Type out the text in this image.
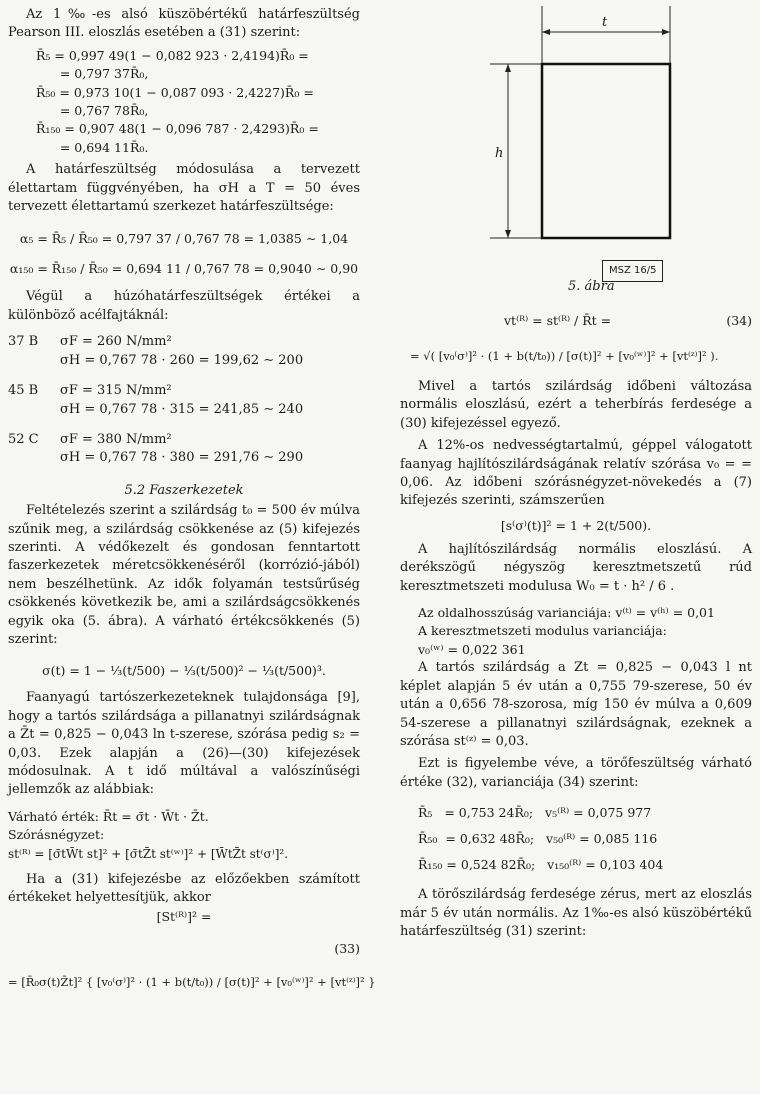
Az 1‰-es alsó küszöbértékű határfeszültség Pearson III. eloszlás esetében a (31) szerint:

R̄₅ = 0,997 49(1 − 0,082 923 · 2,4194)R̄₀ =
= 0,797 37R̄₀,
R̄₅₀ = 0,973 10(1 − 0,087 093 · 2,4227)R̄₀ =
= 0,767 78R̄₀,
R̄₁₅₀ = 0,907 48(1 − 0,096 787 · 2,4293)R̄₀ =
= 0,694 11R̄₀.

A határfeszültség módosulása a tervezett élettartam függvényében, ha σH a T = 50 éves tervezett élettartamú szerkezet határfeszültsége:

α₅ = R̄₅ / R̄₅₀ = 0,797 37 / 0,767 78 = 1,0385 ∼ 1,04
α₁₅₀ = R̄₁₅₀ / R̄₅₀ = 0,694 11 / 0,767 78 = 0,9040 ∼ 0,90

Végül a húzóhatárfeszültségek értékei a különböző acélfajtáknál:

37 B	σF = 260 N/mm²
σH = 0,767 78 · 260 = 199,62 ∼ 200
45 B	σF = 315 N/mm²
σH = 0,767 78 · 315 = 241,85 ∼ 240
52 C	σF = 380 N/mm²
σH = 0,767 78 · 380 = 291,76 ∼ 290
5.2 Faszerkezetek

Feltételezés szerint a szilárdság t₀ = 500 év múlva szűnik meg, a szilárdság csökkenése az (5) kifejezés szerinti. A védőkezelt és gondosan fenntartott faszerkezetek méretcsökkenéséről (korrózió-jából) nem beszélhetünk. Az idők folyamán testsűrűség csökkenés következik be, ami a szilárdságcsökkenés egyik oka (5. ábra). A várható értékcsökkenés (5) szerint:

σ(t) = 1 − ⅓(t/500) − ⅓(t/500)² − ⅓(t/500)³.

Faanyagú tartószerkezeteknek tulajdonsága [9], hogy a tartós szilárdsága a pillanatnyi szilárdságnak a Z̄t = 0,825 − 0,043 ln t-szerese, szórása pedig s₂ = 0,03. Ezek alapján a (26)—(30) kifejezések módosulnak. A t idő múltával a valószínűségi jellemzők az alábbiak:

Várható érték: R̄t = σ̄t · W̄t · Z̄t.
Szórásnégyzet:
st⁽ᴿ⁾ = [σ̄tW̄t st]² + [σ̄tZ̄t st⁽ʷ⁾]² + [W̄tZ̄t st⁽σ⁾]².

Ha a (31) kifejezésbe az előzőekben számított értékeket helyettesítjük, akkor

[St⁽ᴿ⁾]² =
(33)
= [R̄₀σ(t)Z̄t]² { [v₀⁽σ⁾]² · (1 + b(t/t₀)) / [σ(t)]² + [v₀⁽ʷ⁾]² + [vt⁽ᶻ⁾]² }
t
h
MSZ 16/5
5. ábra
vt⁽ᴿ⁾ = st⁽ᴿ⁾ / R̄t =	(34)
= √( [v₀⁽σ⁾]² · (1 + b(t/t₀)) / [σ(t)]² + [v₀⁽ʷ⁾]² + [vt⁽ᶻ⁾]² ).

Mivel a tartós szilárdság időbeni változása normális eloszlású, ezért a teherbírás ferdesége a (30) kifejezéssel egyező.

A 12%-os nedvességtartalmú, géppel válogatott faanyag hajlítószilárdságának relatív szórása v₀ = = 0,06. Az időbeni szórásnégyzet-növekedés a (7) kifejezés szerinti, számszerűen

[s⁽σ⁾(t)]² = 1 + 2(t/500).

A hajlítószilárdság normális eloszlású. A derékszögű négyszög keresztmetszetű rúd keresztmetszeti modulusa W₀ = t · h² / 6 .

Az oldalhosszúság varianciája: v⁽ᵗ⁾ = v⁽ʰ⁾ = 0,01
A keresztmetszeti modulus varianciája:
v₀⁽ʷ⁾ = 0,022 361

A tartós szilárdság a Zt = 0,825 − 0,043 l nt képlet alapján 5 év után a 0,755 79-szerese, 50 év után a 0,656 78-szorosa, míg 150 év múlva a 0,609 54-szerese a pillanatnyi szilárdságnak, ezeknek a szórása st⁽ᶻ⁾ = 0,03.

Ezt is figyelembe véve, a törőfeszültség várható értéke (32), varianciája (34) szerint:

R̄₅   = 0,753 24R̄₀;   v₅⁽ᴿ⁾ = 0,075 977
R̄₅₀  = 0,632 48R̄₀;   v₅₀⁽ᴿ⁾ = 0,085 116
R̄₁₅₀ = 0,524 82R̄₀;   v₁₅₀⁽ᴿ⁾ = 0,103 404

A törőszilárdság ferdesége zérus, mert az eloszlás már 5 év után normális. Az 1‰-es alsó küszöbértékű határfeszültség (31) szerint:
